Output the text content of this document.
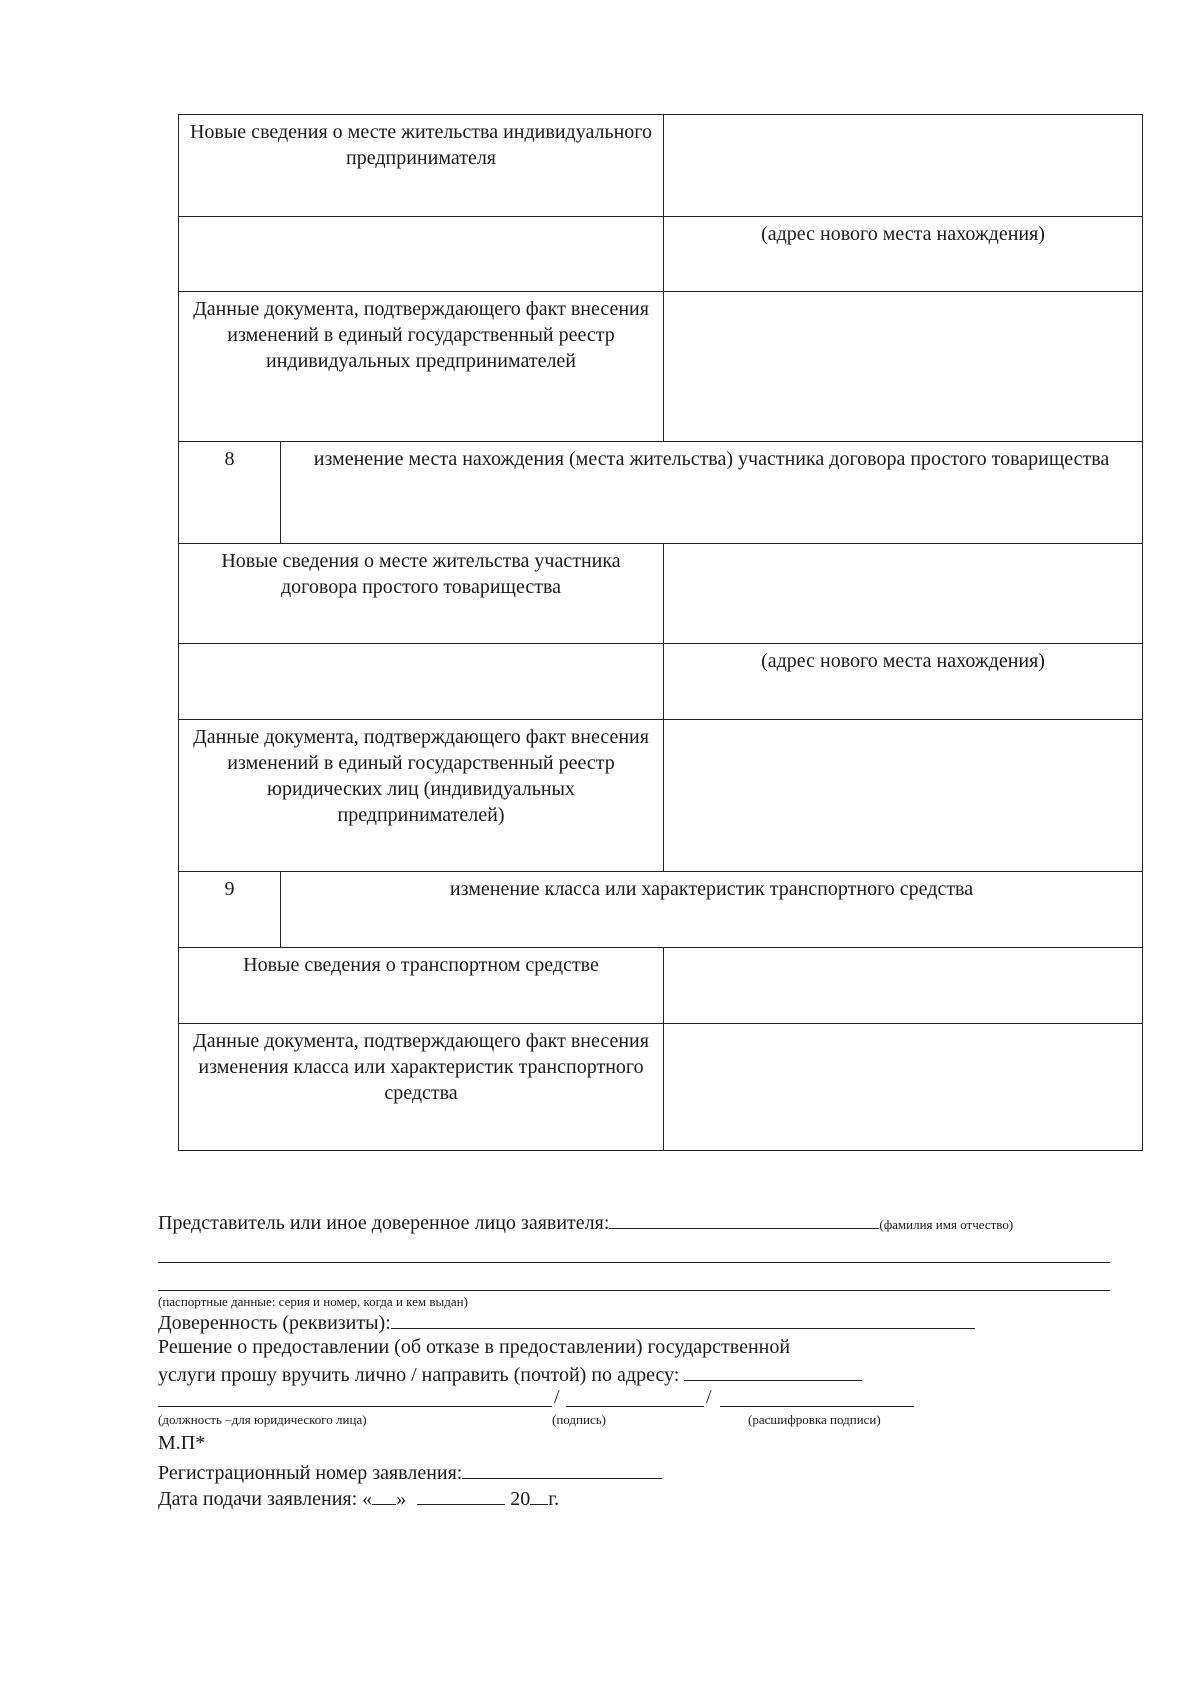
Новые сведения о месте жительства индивидуального предпринимателя		
		(адрес нового места нахождения)
Данные документа, подтверждающего факт внесения изменений в единый государственный реестр индивидуальных предпринимателей		
8	изменение места нахождения (места жительства) участника договора простого товарищества	
Новые сведения о месте жительства участника договора простого товарищества		
		(адрес нового места нахождения)
Данные документа, подтверждающего факт внесения изменений в единый государственный реестр юридических лиц (индивидуальных предпринимателей)		
9	изменение класса или характеристик транспортного средства	
Новые сведения о транспортном средстве		
Данные документа, подтверждающего факт внесения изменения класса или характеристик транспортного средства		
Представитель или иное доверенное лицо заявителя:	(фамилия имя отчество)
(паспортные данные: серия и номер, когда и кем выдан)
Доверенность (реквизиты):
Решение о предоставлении (об отказе в предоставлении) государственной
услуги прошу вручить лично / направить (почтой) по адресу:
/	/
(должность –для юридического лица)	(подпись)	(расшифровка подписи)
М.П*
Регистрационный номер заявления:
Дата подачи заявления: « »	20 г.
